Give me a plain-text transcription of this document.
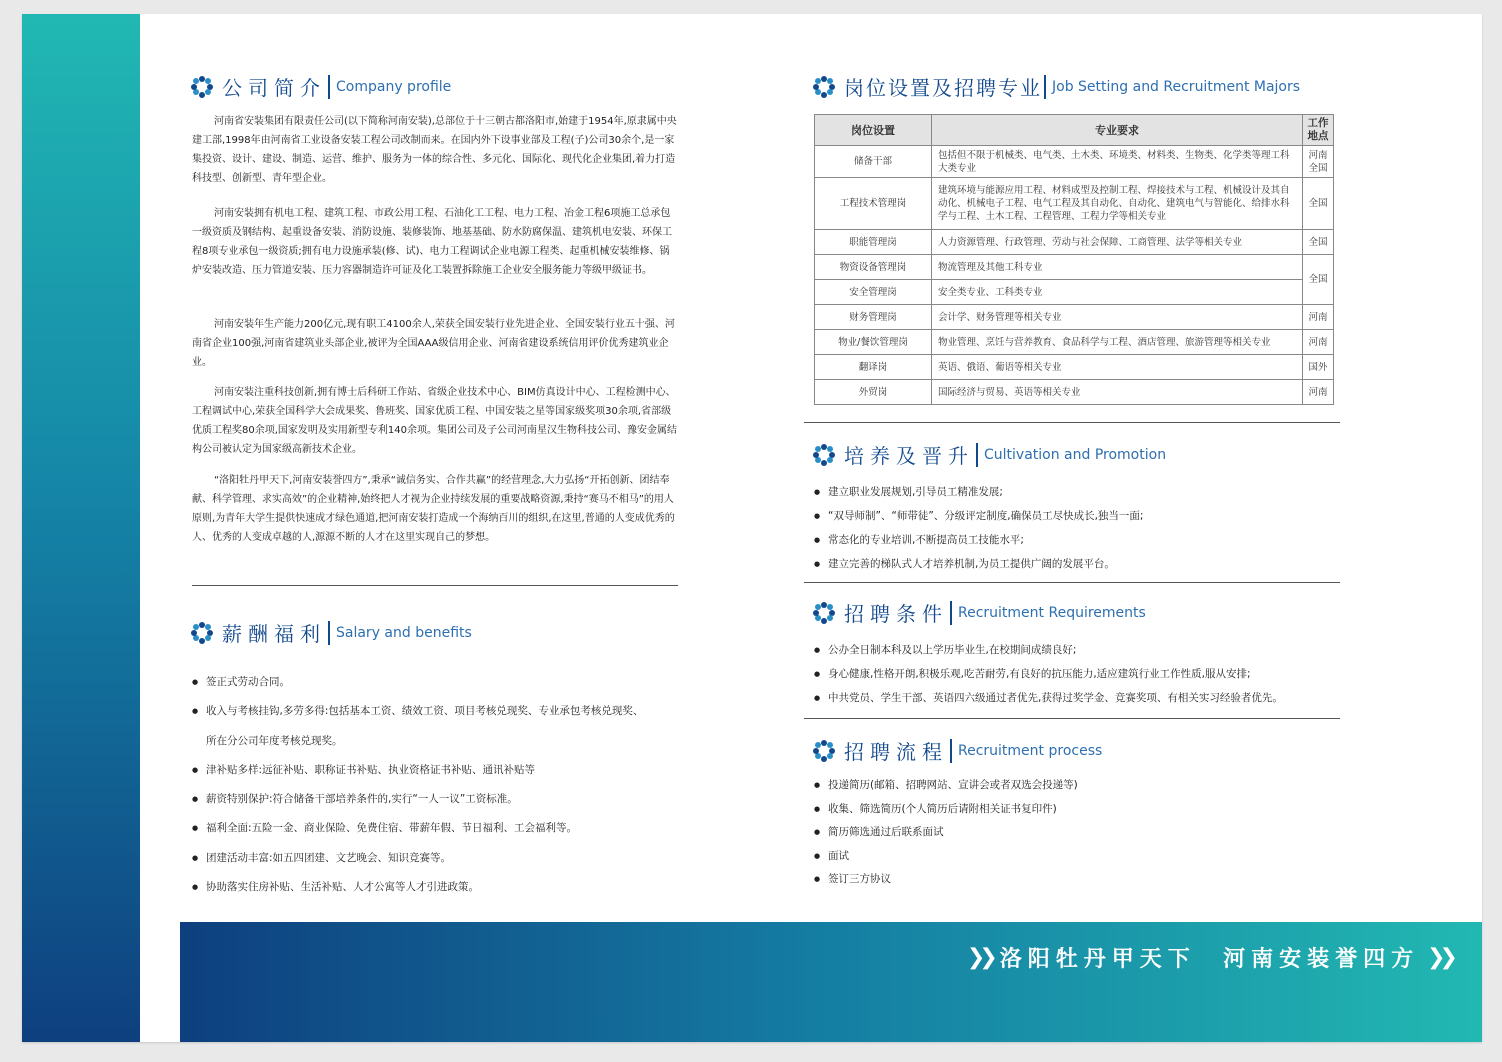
公司简介 Company profile

河南省安装集团有限责任公司(以下简称河南安装),总部位于十三朝古都洛阳市,始建于1954年,原隶属中央建工部,1998年由河南省工业设备安装工程公司改制而来。在国内外下设事业部及工程(子)公司30余个,是一家集投资、设计、建设、制造、运营、维护、服务为一体的综合性、多元化、国际化、现代化企业集团,着力打造科技型、创新型、青年型企业。

河南安装拥有机电工程、建筑工程、市政公用工程、石油化工工程、电力工程、冶金工程6项施工总承包一级资质及钢结构、起重设备安装、消防设施、装修装饰、地基基础、防水防腐保温、建筑机电安装、环保工程8项专业承包一级资质;拥有电力设施承装(修、试)、电力工程调试企业电源工程类、起重机械安装维修、锅炉安装改造、压力管道安装、压力容器制造许可证及化工装置拆除施工企业安全服务能力等级甲级证书。

河南安装年生产能力200亿元,现有职工4100余人,荣获全国安装行业先进企业、全国安装行业五十强、河南省企业100强,河南省建筑业头部企业,被评为全国AAA级信用企业、河南省建设系统信用评价优秀建筑业企业。

河南安装注重科技创新,拥有博士后科研工作站、省级企业技术中心、BIM仿真设计中心、工程检测中心、工程调试中心,荣获全国科学大会成果奖、鲁班奖、国家优质工程、中国安装之星等国家级奖项30余项,省部级优质工程奖80余项,国家发明及实用新型专利140余项。集团公司及子公司河南星汉生物科技公司、豫安金属结构公司被认定为国家级高新技术企业。

“洛阳牡丹甲天下,河南安装誉四方”,秉承“诚信务实、合作共赢”的经营理念,大力弘扬“开拓创新、团结奉献、科学管理、求实高效”的企业精神,始终把人才视为企业持续发展的重要战略资源,秉持“赛马不相马”的用人原则,为青年大学生提供快速成才绿色通道,把河南安装打造成一个海纳百川的组织,在这里,普通的人变成优秀的人、优秀的人变成卓越的人,源源不断的人才在这里实现自己的梦想。

薪酬福利 Salary and benefits
● 签正式劳动合同。
● 收入与考核挂钩,多劳多得:包括基本工资、绩效工资、项目考核兑现奖、专业承包考核兑现奖、
所在分公司年度考核兑现奖。
● 津补贴多样:远征补贴、职称证书补贴、执业资格证书补贴、通讯补贴等
● 薪资特别保护:符合储备干部培养条件的,实行“一人一议”工资标准。
● 福利全面:五险一金、商业保险、免费住宿、带薪年假、节日福利、工会福利等。
● 团建活动丰富:如五四团建、文艺晚会、知识竞赛等。
● 协助落实住房补贴、生活补贴、人才公寓等人才引进政策。
岗位设置及招聘专业 Job Setting and Recruitment Majors
岗位设置	专业要求	工作地点
储备干部	包括但不限于机械类、电气类、土木类、环境类、材料类、生物类、化学类等理工科大类专业	河南全国
工程技术管理岗	建筑环境与能源应用工程、材料成型及控制工程、焊接技术与工程、机械设计及其自动化、机械电子工程、电气工程及其自动化、自动化、建筑电气与智能化、给排水科学与工程、土木工程、工程管理、工程力学等相关专业	全国
职能管理岗	人力资源管理、行政管理、劳动与社会保障、工商管理、法学等相关专业	全国
物资设备管理岗	物流管理及其他工科专业	全国
安全管理岗	安全类专业、工科类专业	
财务管理岗	会计学、财务管理等相关专业	河南
物业/餐饮管理岗	物业管理、烹饪与营养教育、食品科学与工程、酒店管理、旅游管理等相关专业	河南
翻译岗	英语、俄语、葡语等相关专业	国外
外贸岗	国际经济与贸易、英语等相关专业	河南
培养及晋升 Cultivation and Promotion
● 建立职业发展规划,引导员工精准发展;
● “双导师制”、“师带徒”、分级评定制度,确保员工尽快成长,独当一面;
● 常态化的专业培训,不断提高员工技能水平;
● 建立完善的梯队式人才培养机制,为员工提供广阔的发展平台。
招聘条件 Recruitment Requirements
● 公办全日制本科及以上学历毕业生,在校期间成绩良好;
● 身心健康,性格开朗,积极乐观,吃苦耐劳,有良好的抗压能力,适应建筑行业工作性质,服从安排;
● 中共党员、学生干部、英语四六级通过者优先,获得过奖学金、竞赛奖项、有相关实习经验者优先。
招聘流程 Recruitment process
● 投递简历(邮箱、招聘网站、宣讲会或者双选会投递等)
● 收集、筛选简历(个人简历后请附相关证书复印件)
● 简历筛选通过后联系面试
● 面试
● 签订三方协议
❯❯ 洛阳牡丹甲天下  河南安装誉四方 ❯❯
